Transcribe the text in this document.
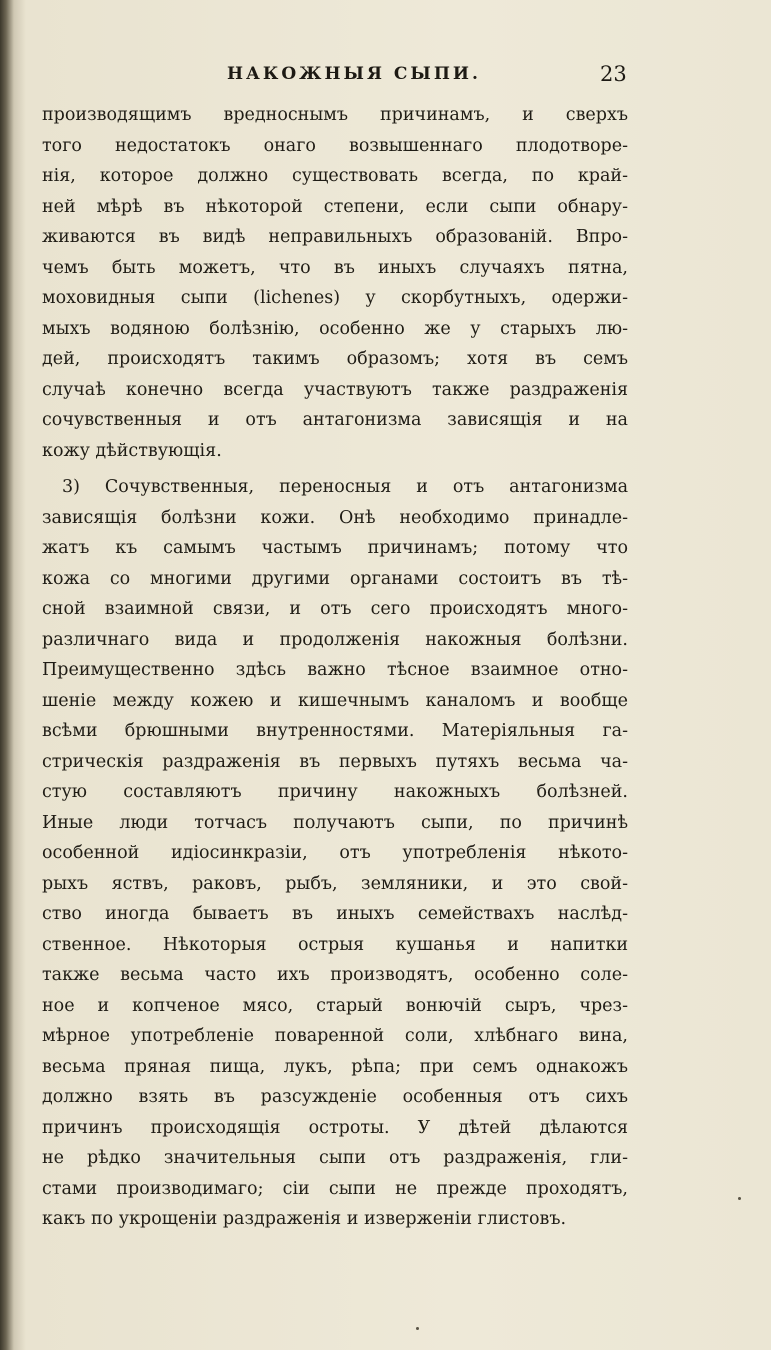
НАКОЖНЫЯ СЫПИ.	23
производящимъ вредноснымъ причинамъ, и сверхъ
того недостатокъ онаго возвышеннаго плодотворе-
нія, которое должно существовать всегда, по край-
ней мѣрѣ въ нѣкоторой степени, если сыпи обнару-
живаются въ видѣ неправильныхъ образованій. Впро-
чемъ быть можетъ, что въ иныхъ случаяхъ пятна,
моховидныя сыпи (lichenes) у скорбутныхъ, одержи-
мыхъ водяною болѣзнію, особенно же у старыхъ лю-
дей, происходятъ такимъ образомъ; хотя въ семъ
случаѣ конечно всегда участвуютъ также раздраженія
сочувственныя и отъ антагонизма зависящія и на
кожу дѣйствующія.
3) Сочувственныя, переносныя и отъ антагонизма
зависящія болѣзни кожи. Онѣ необходимо принадле-
жатъ къ самымъ частымъ причинамъ; потому что
кожа со многими другими органами состоитъ въ тѣ-
сной взаимной связи, и отъ сего происходятъ много-
различнаго вида и продолженія накожныя болѣзни.
Преимущественно здѣсь важно тѣсное взаимное отно-
шеніе между кожею и кишечнымъ каналомъ и вообще
всѣми брюшными внутренностями. Матеріяльныя га-
стрическія раздраженія въ первыхъ путяхъ весьма ча-
стую составляютъ причину накожныхъ болѣзней.
Иные люди тотчасъ получаютъ сыпи, по причинѣ
особенной идіосинкразіи, отъ употребленія нѣкото-
рыхъ яствъ, раковъ, рыбъ, земляники, и это свой-
ство иногда бываетъ въ иныхъ семействахъ наслѣд-
ственное. Нѣкоторыя острыя кушанья и напитки
также весьма часто ихъ производятъ, особенно соле-
ное и копченое мясо, старый вонючій сыръ, чрез-
мѣрное употребленіе поваренной соли, хлѣбнаго вина,
весьма пряная пища, лукъ, рѣпа; при семъ однакожъ
должно взять въ разсужденіе особенныя отъ сихъ
причинъ происходящія остроты. У дѣтей дѣлаются
не рѣдко значительныя сыпи отъ раздраженія, гли-
стами производимаго; сіи сыпи не прежде проходятъ,
какъ по укрощеніи раздраженія и изверженіи глистовъ.
